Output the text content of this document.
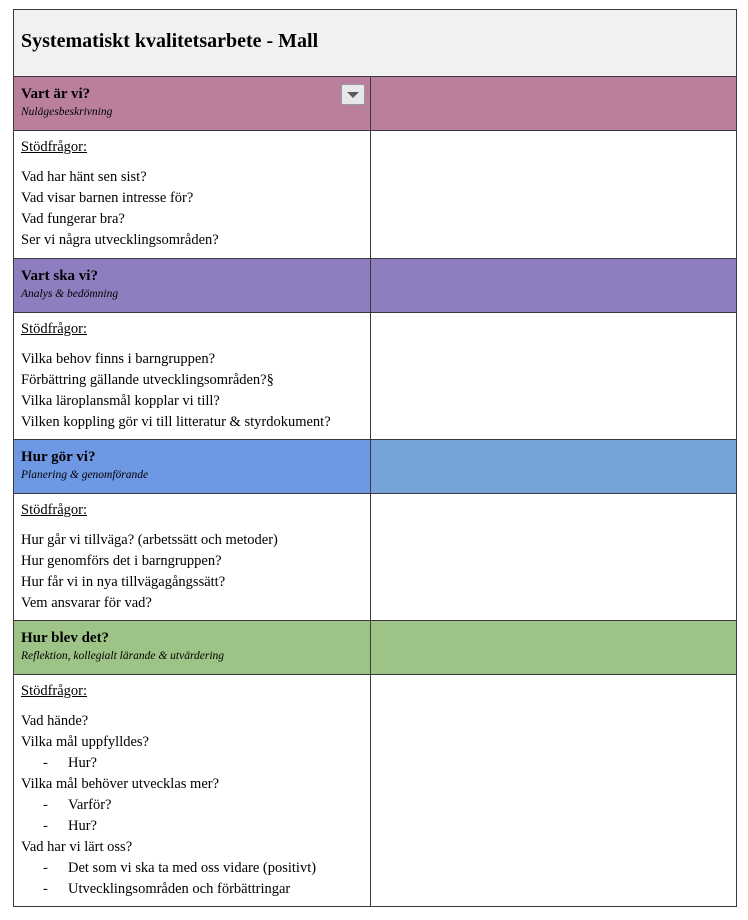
Systematiskt kvalitetsarbete - Mall
Vart är vi?
Nulägesbeskrivning
Stödfrågor:
Vad har hänt sen sist?
Vad visar barnen intresse för?
Vad fungerar bra?
Ser vi några utvecklingsområden?
Vart ska vi?
Analys & bedömning
Stödfrågor:
Vilka behov finns i barngruppen?
Förbättring gällande utvecklingsområden?§
Vilka läroplansmål kopplar vi till?
Vilken koppling gör vi till litteratur & styrdokument?
Hur gör vi?
Planering & genomförande
Stödfrågor:
Hur går vi tillväga? (arbetssätt och metoder)
Hur genomförs det i barngruppen?
Hur får vi in nya tillvägagångssätt?
Vem ansvarar för vad?
Hur blev det?
Reflektion, kollegialt lärande & utvärdering
Stödfrågor:
Vad hände?
Vilka mål uppfylldes?
- Hur?
Vilka mål behöver utvecklas mer?
- Varför?
- Hur?
Vad har vi lärt oss?
- Det som vi ska ta med oss vidare (positivt)
- Utvecklingsområden och förbättringar
